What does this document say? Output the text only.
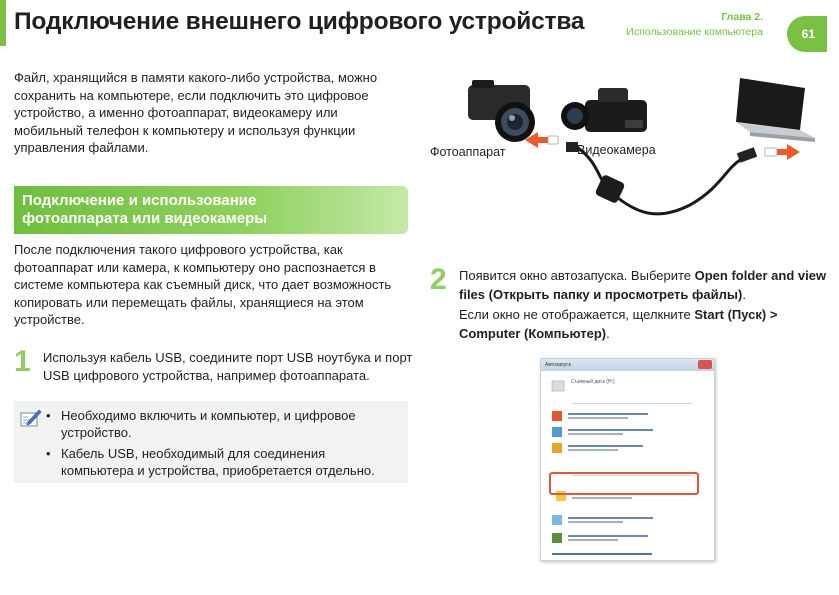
Подключение внешнего цифрового устройства	Глава 2.
Использование компьютера	61

Файл, хранящийся в памяти какого-либо устройства, можно сохранить на компьютере, если подключить это цифровое устройство, а именно фотоаппарат, видеокамеру или мобильный телефон к компьютеру и используя функции управления файлами.

Подключение и использование фотоаппарата или видеокамеры

После подключения такого цифрового устройства, как фотоаппарат или камера, к компьютеру оно распознается в системе компьютера как съемный диск, что дает возможность копировать или перемещать файлы, хранящиеся на этом устройстве.

1 Используя кабель USB, соедините порт USB ноутбука и порт USB цифрового устройства, например фотоаппарата.

• Необходимо включить и компьютер, и цифровое устройство.
• Кабель USB, необходимый для соединения компьютера и устройства, приобретается отдельно.
Фотоаппарат	Видеокамера
2 Появится окно автозапуска. Выберите Open folder and view files (Открыть папку и просмотреть файлы).

Если окно не отображается, щелкните Start (Пуск) > Computer (Компьютер).

Автозапуск
Съемный диск (H:)
